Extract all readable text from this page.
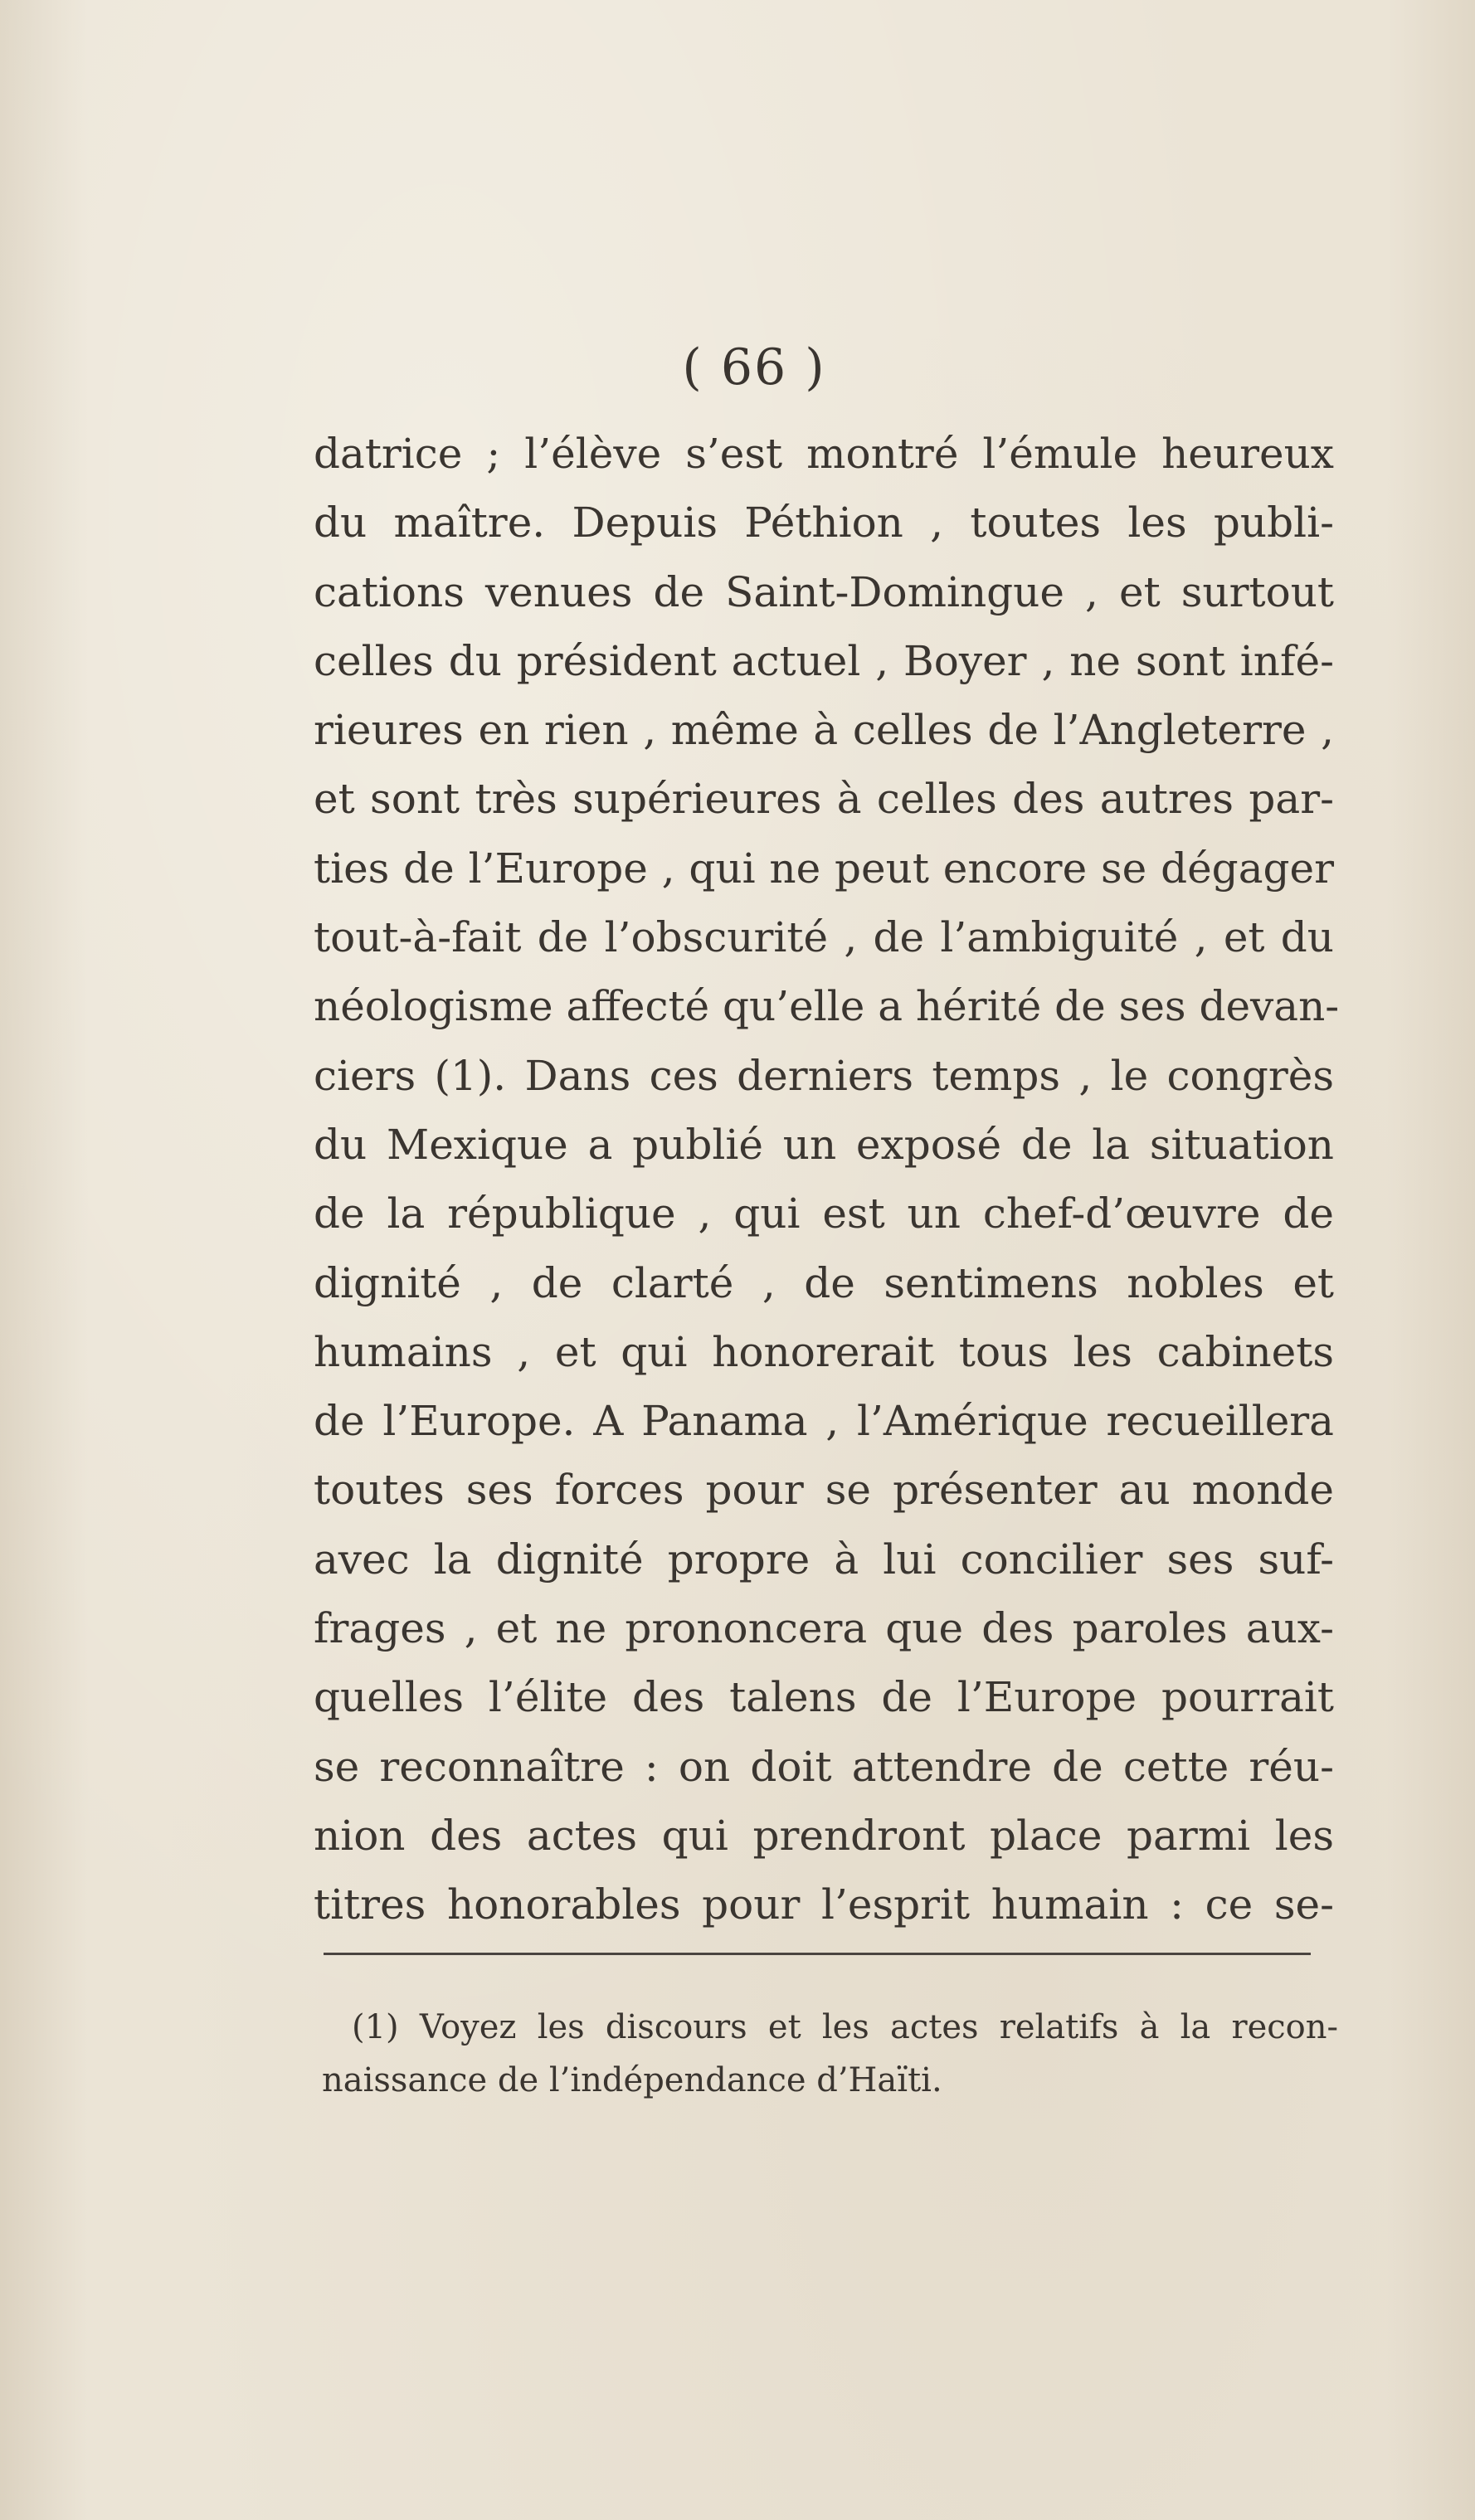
( 66 )
datrice ; l’élève s’est montré l’émule heureux
du maître. Depuis Péthion , toutes les publi-
cations venues de Saint-Domingue , et surtout
celles du président actuel , Boyer , ne sont infé-
rieures en rien , même à celles de l’Angleterre ,
et sont très supérieures à celles des autres par-
ties de l’Europe , qui ne peut encore se dégager
tout-à-fait de l’obscurité , de l’ambiguité , et du
néologisme affecté qu’elle a hérité de ses devan-
ciers (1). Dans ces derniers temps , le congrès
du Mexique a publié un exposé de la situation
de la république , qui est un chef-d’œuvre de
dignité , de clarté , de sentimens nobles et
humains , et qui honorerait tous les cabinets
de l’Europe. A Panama , l’Amérique recueillera
toutes ses forces pour se présenter au monde
avec la dignité propre à lui concilier ses suf-
frages , et ne prononcera que des paroles aux-
quelles l’élite des talens de l’Europe pourrait
se reconnaître : on doit attendre de cette réu-
nion des actes qui prendront place parmi les
titres honorables pour l’esprit humain : ce se-
(1) Voyez les discours et les actes relatifs à la recon-
naissance de l’indépendance d’Haïti.
